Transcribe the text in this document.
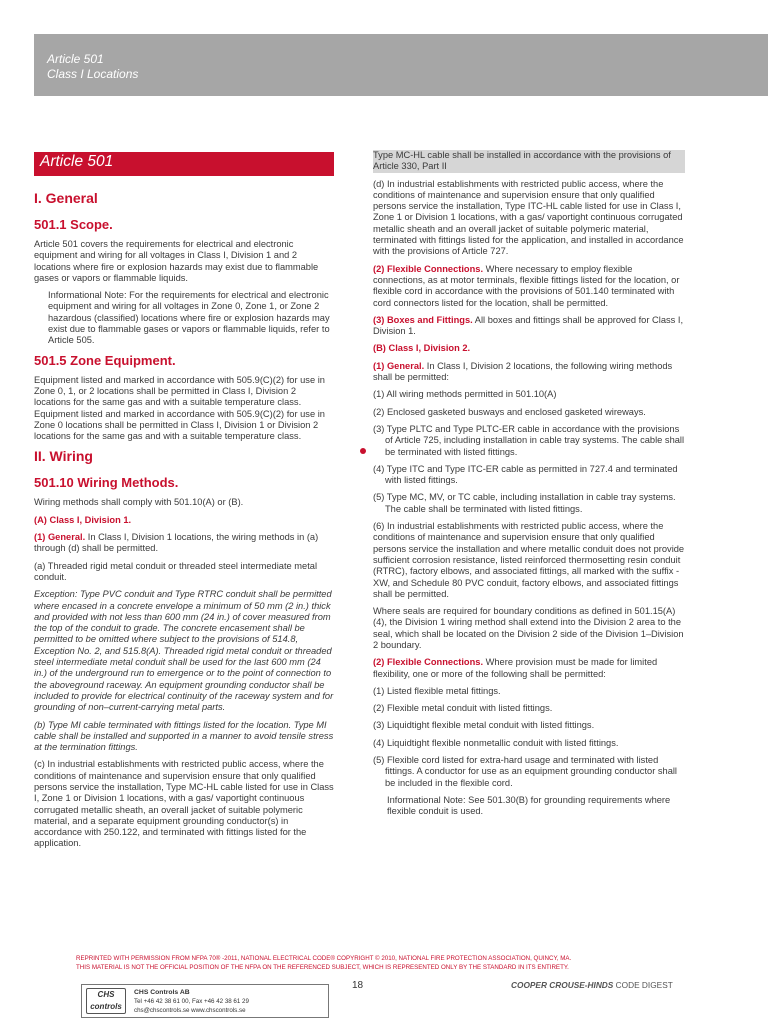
Article 501
Class I Locations
Article 501
I. General
501.1 Scope.

Article 501 covers the requirements for electrical and electronic equipment and wiring for all voltages in Class I, Division 1 and 2 locations where fire or explosion hazards may exist due to flammable gases or vapors or flammable liquids.

Informational Note: For the requirements for electrical and electronic equipment and wiring for all voltages in Zone 0, Zone 1, or Zone 2 hazardous (classified) locations where fire or explosion hazards may exist due to flammable gases or vapors or flammable liquids, refer to Article 505.

501.5 Zone Equipment.

Equipment listed and marked in accordance with 505.9(C)(2) for use in Zone 0, 1, or 2 locations shall be permitted in Class I, Division 2 locations for the same gas and with a suitable temperature class. Equipment listed and marked in accordance with 505.9(C)(2) for use in Zone 0 locations shall be permitted in Class I, Division 1 or Division 2 locations for the same gas and with a suitable temperature class.

II. Wiring
501.10 Wiring Methods.

Wiring methods shall comply with 501.10(A) or (B).

(A) Class I, Division 1.

(1) General. In Class I, Division 1 locations, the wiring methods in (a) through (d) shall be permitted.

(a) Threaded rigid metal conduit or threaded steel intermediate metal conduit.

Exception: Type PVC conduit and Type RTRC conduit shall be permitted where encased in a concrete envelope a minimum of 50 mm (2 in.) thick and provided with not less than 600 mm (24 in.) of cover measured from the top of the conduit to grade. The concrete encasement shall be permitted to be omitted where subject to the provisions of 514.8, Exception No. 2, and 515.8(A). Threaded rigid metal conduit or threaded steel intermediate metal conduit shall be used for the last 600 mm (24 in.) of the underground run to emergence or to the point of connection to the aboveground raceway. An equipment grounding conductor shall be included to provide for electrical continuity of the raceway system and for grounding of non–current-carrying metal parts.

(b) Type MI cable terminated with fittings listed for the location. Type MI cable shall be installed and supported in a manner to avoid tensile stress at the termination fittings.

(c) In industrial establishments with restricted public access, where the conditions of maintenance and supervision ensure that only qualified persons service the installation, Type MC-HL cable listed for use in Class I, Zone 1 or Division 1 locations, with a gas/ vaportight continuous corrugated metallic sheath, an overall jacket of suitable polymeric material, and a separate equipment grounding conductor(s) in accordance with 250.122, and terminated with fittings listed for the application.

Type MC-HL cable shall be installed in accordance with the provisions of Article 330, Part II

(d) In industrial establishments with restricted public access, where the conditions of maintenance and supervision ensure that only qualified persons service the installation, Type ITC-HL cable listed for use in Class I, Zone 1 or Division 1 locations, with a gas/ vaportight continuous corrugated metallic sheath and an overall jacket of suitable polymeric material, terminated with fittings listed for the application, and installed in accordance with the provisions of Article 727.

(2) Flexible Connections. Where necessary to employ flexible connections, as at motor terminals, flexible fittings listed for the location, or flexible cord in accordance with the provisions of 501.140 terminated with cord connectors listed for the location, shall be permitted.

(3) Boxes and Fittings. All boxes and fittings shall be approved for Class I, Division 1.

(B) Class I, Division 2.

(1) General. In Class I, Division 2 locations, the following wiring methods shall be permitted:

(1) All wiring methods permitted in 501.10(A)

(2) Enclosed gasketed busways and enclosed gasketed wireways.

(3) Type PLTC and Type PLTC-ER cable in accordance with the provisions of Article 725, including installation in cable tray systems. The cable shall be terminated with listed fittings.

(4) Type ITC and Type ITC-ER cable as permitted in 727.4 and terminated with listed fittings.

(5) Type MC, MV, or TC cable, including installation in cable tray systems. The cable shall be terminated with listed fittings.

(6) In industrial establishments with restricted public access, where the conditions of maintenance and supervision ensure that only qualified persons service the installation and where metallic conduit does not provide sufficient corrosion resistance, listed reinforced thermosetting resin conduit (RTRC), factory elbows, and associated fittings, all marked with the suffix -XW, and Schedule 80 PVC conduit, factory elbows, and associated fittings shall be permitted.

Where seals are required for boundary conditions as defined in 501.15(A)(4), the Division 1 wiring method shall extend into the Division 2 area to the seal, which shall be located on the Division 2 side of the Division 1–Division 2 boundary.

(2) Flexible Connections. Where provision must be made for limited flexibility, one or more of the following shall be permitted:

(1) Listed flexible metal fittings.

(2) Flexible metal conduit with listed fittings.

(3) Liquidtight flexible metal conduit with listed fittings.

(4) Liquidtight flexible nonmetallic conduit with listed fittings.

(5) Flexible cord listed for extra-hard usage and terminated with listed fittings. A conductor for use as an equipment grounding conductor shall be included in the flexible cord.

Informational Note: See 501.30(B) for grounding requirements where flexible conduit is used.

REPRINTED WITH PERMISSION FROM NFPA 70® -2011, NATIONAL ELECTRICAL CODE® COPYRIGHT © 2010, NATIONAL FIRE PROTECTION ASSOCIATION, QUINCY, MA.
THIS MATERIAL IS NOT THE OFFICIAL POSITION OF THE NFPA ON THE REFERENCED SUBJECT, WHICH IS REPRESENTED ONLY BY THE STANDARD IN ITS ENTIRETY.
CHS
controls
CHS Controls AB
Tel +46 42 38 61 00, Fax +46 42 38 61 29
chs@chscontrols.se www.chscontrols.se
18	COOPER CROUSE-HINDS CODE DIGEST
